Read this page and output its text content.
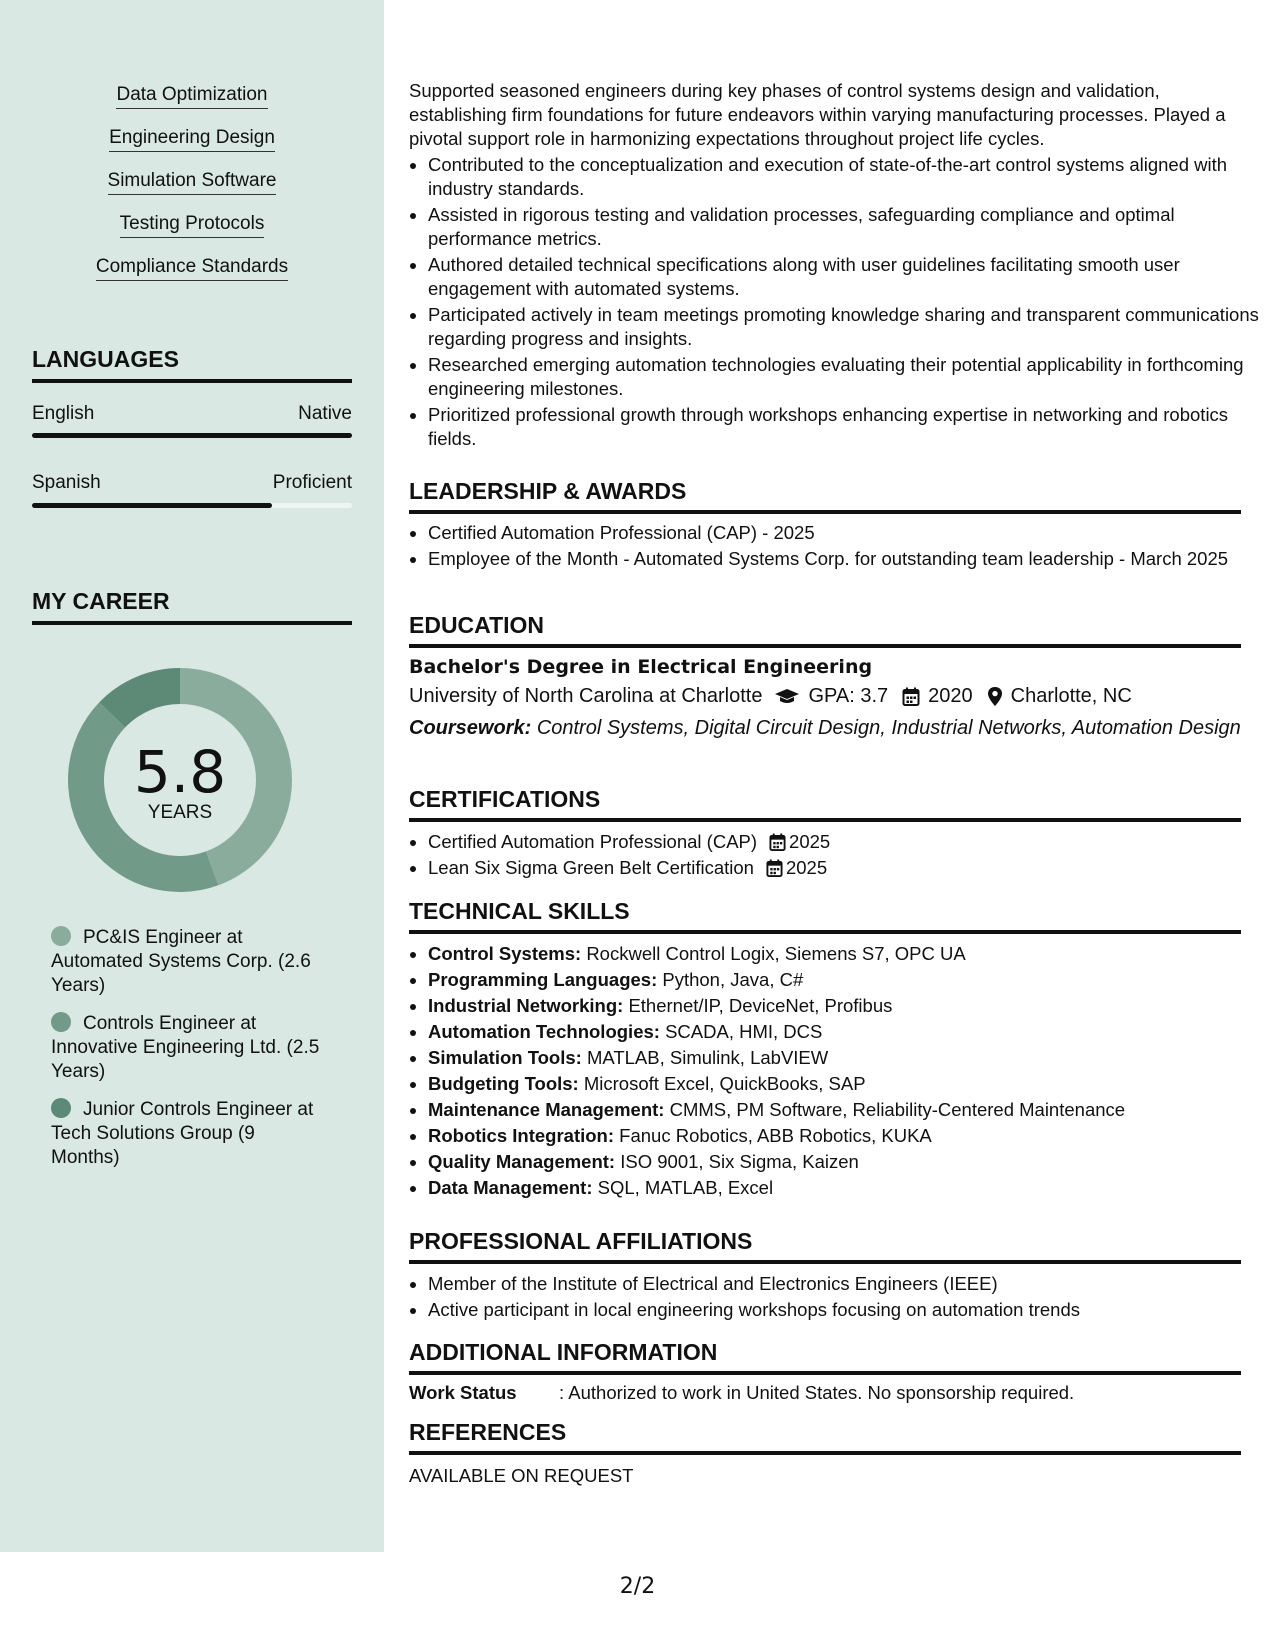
Data Optimization
Engineering Design
Simulation Software
Testing Protocols
Compliance Standards
LANGUAGES
English	Native
Spanish	Proficient
MY CAREER
5.8
YEARS
PC&IS Engineer at Automated Systems Corp. (2.6 Years)
Controls Engineer at Innovative Engineering Ltd. (2.5 Years)
Junior Controls Engineer at Tech Solutions Group (9 Months)
Supported seasoned engineers during key phases of control systems design and validation, establishing firm foundations for future endeavors within varying manufacturing processes. Played a pivotal support role in harmonizing expectations throughout project life cycles.
• Contributed to the conceptualization and execution of state-of-the-art control systems aligned with industry standards.
• Assisted in rigorous testing and validation processes, safeguarding compliance and optimal performance metrics.
• Authored detailed technical specifications along with user guidelines facilitating smooth user engagement with automated systems.
• Participated actively in team meetings promoting knowledge sharing and transparent communications regarding progress and insights.
• Researched emerging automation technologies evaluating their potential applicability in forthcoming engineering milestones.
• Prioritized professional growth through workshops enhancing expertise in networking and robotics fields.
LEADERSHIP & AWARDS
• Certified Automation Professional (CAP) - 2025
• Employee of the Month - Automated Systems Corp. for outstanding team leadership - March 2025
EDUCATION
Bachelor's Degree in Electrical Engineering
University of North Carolina at Charlotte GPA: 3.7 2020 Charlotte, NC
Coursework: Control Systems, Digital Circuit Design, Industrial Networks, Automation Design
CERTIFICATIONS
• Certified Automation Professional (CAP) 2025
• Lean Six Sigma Green Belt Certification 2025
TECHNICAL SKILLS
• Control Systems: Rockwell Control Logix, Siemens S7, OPC UA
• Programming Languages: Python, Java, C#
• Industrial Networking: Ethernet/IP, DeviceNet, Profibus
• Automation Technologies: SCADA, HMI, DCS
• Simulation Tools: MATLAB, Simulink, LabVIEW
• Budgeting Tools: Microsoft Excel, QuickBooks, SAP
• Maintenance Management: CMMS, PM Software, Reliability-Centered Maintenance
• Robotics Integration: Fanuc Robotics, ABB Robotics, KUKA
• Quality Management: ISO 9001, Six Sigma, Kaizen
• Data Management: SQL, MATLAB, Excel
PROFESSIONAL AFFILIATIONS
• Member of the Institute of Electrical and Electronics Engineers (IEEE)
• Active participant in local engineering workshops focusing on automation trends
ADDITIONAL INFORMATION
Work Status	: Authorized to work in United States. No sponsorship required.
REFERENCES
AVAILABLE ON REQUEST
2/2
